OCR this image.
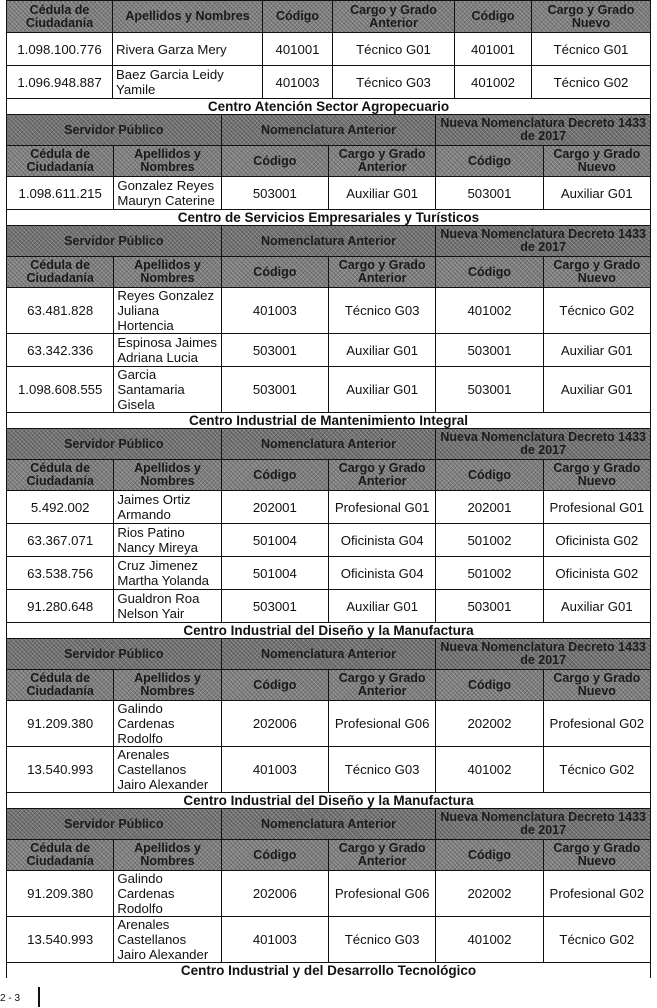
Cédula de Ciudadanía	Apellidos y Nombres	Código	Cargo y Grado Anterior	Código	Cargo y Grado Nuevo
1.098.100.776	Rivera Garza Mery	401001	Técnico G01	401001	Técnico G01
1.096.948.887	Baez Garcia Leidy Yamile	401003	Técnico G03	401002	Técnico G02
Centro Atención Sector Agropecuario
Servidor Público		Nomenclatura Anterior		Nueva Nomenclatura Decreto 1433 de 2017	
Cédula de Ciudadanía	Apellidos y Nombres	Código	Cargo y Grado Anterior	Código	Cargo y Grado Nuevo
1.098.611.215	Gonzalez Reyes Mauryn Caterine	503001	Auxiliar G01	503001	Auxiliar G01
Centro de Servicios Empresariales y Turísticos
Servidor Público		Nomenclatura Anterior		Nueva Nomenclatura Decreto 1433 de 2017	
Cédula de Ciudadanía	Apellidos y Nombres	Código	Cargo y Grado Anterior	Código	Cargo y Grado Nuevo
63.481.828	Reyes Gonzalez Juliana Hortencia	401003	Técnico G03	401002	Técnico G02
63.342.336	Espinosa Jaimes Adriana Lucia	503001	Auxiliar G01	503001	Auxiliar G01
1.098.608.555	Garcia Santamaria Gisela	503001	Auxiliar G01	503001	Auxiliar G01
Centro Industrial de Mantenimiento Integral
Servidor Público		Nomenclatura Anterior		Nueva Nomenclatura Decreto 1433 de 2017	
Cédula de Ciudadanía	Apellidos y Nombres	Código	Cargo y Grado Anterior	Código	Cargo y Grado Nuevo
5.492.002	Jaimes Ortiz Armando	202001	Profesional G01	202001	Profesional G01
63.367.071	Rios Patino Nancy Mireya	501004	Oficinista G04	501002	Oficinista G02
63.538.756	Cruz Jimenez Martha Yolanda	501004	Oficinista G04	501002	Oficinista G02
91.280.648	Gualdron Roa Nelson Yair	503001	Auxiliar G01	503001	Auxiliar G01
Centro Industrial del Diseño y la Manufactura
Servidor Público		Nomenclatura Anterior		Nueva Nomenclatura Decreto 1433 de 2017	
Cédula de Ciudadanía	Apellidos y Nombres	Código	Cargo y Grado Anterior	Código	Cargo y Grado Nuevo
91.209.380	Galindo Cardenas Rodolfo	202006	Profesional G06	202002	Profesional G02
13.540.993	Arenales Castellanos Jairo Alexander	401003	Técnico G03	401002	Técnico G02
Centro Industrial del Diseño y la Manufactura
Servidor Público		Nomenclatura Anterior		Nueva Nomenclatura Decreto 1433 de 2017	
Cédula de Ciudadanía	Apellidos y Nombres	Código	Cargo y Grado Anterior	Código	Cargo y Grado Nuevo
91.209.380	Galindo Cardenas Rodolfo	202006	Profesional G06	202002	Profesional G02
13.540.993	Arenales Castellanos Jairo Alexander	401003	Técnico G03	401002	Técnico G02
Centro Industrial y del Desarrollo Tecnológico
2 - 3
